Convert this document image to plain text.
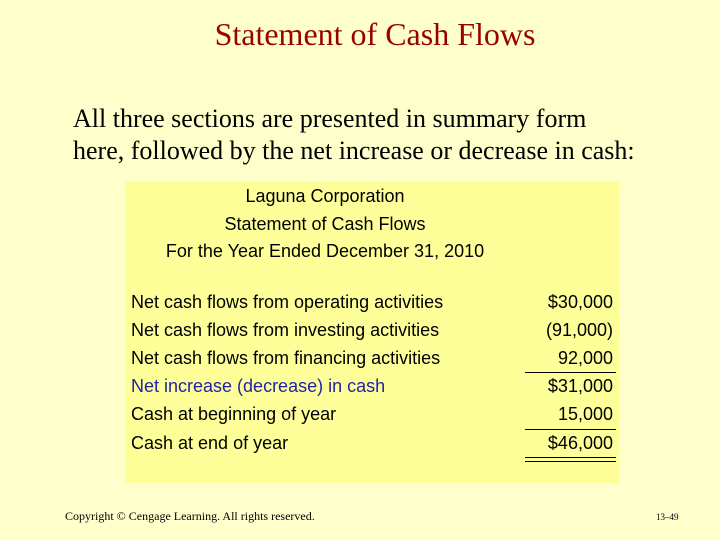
Statement of Cash Flows
All three sections are presented in summary form
here, followed by the net increase or decrease in cash:
Laguna Corporation
Statement of Cash Flows
For the Year Ended December 31, 2010
Net cash flows from operating activities	$30,000
Net cash flows from investing activities	(91,000)
Net cash flows from financing activities	92,000
Net increase (decrease) in cash	$31,000
Cash at beginning of year	15,000
Cash at end of year	$46,000
Copyright © Cengage Learning. All rights reserved.	13–49
